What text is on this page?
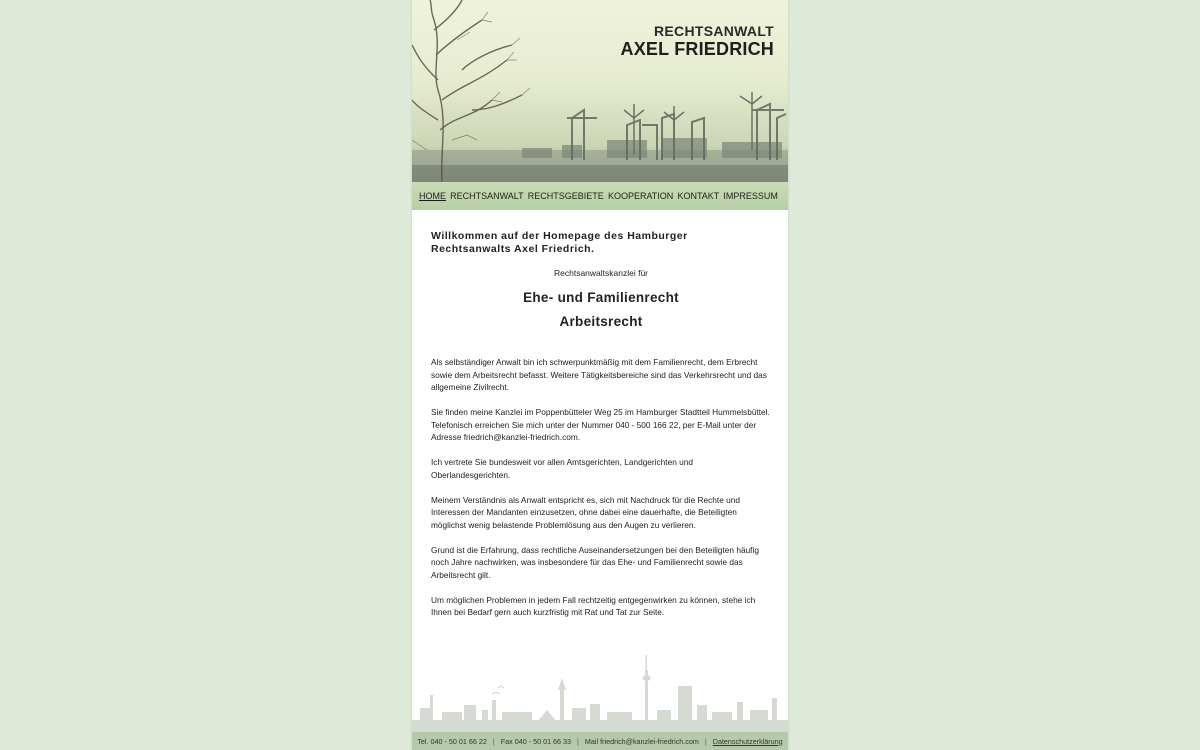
RECHTSANWALT
AXEL FRIEDRICH
HOME RECHTSANWALT RECHTSGEBIETE KOOPERATION KONTAKT IMPRESSUM

Willkommen auf der Homepage des Hamburger Rechtsanwalts Axel Friedrich.

Rechtsanwaltskanzlei für

Ehe- und Familienrecht

Arbeitsrecht

Als selbständiger Anwalt bin ich schwerpunktmäßig mit dem Familienrecht, dem Erbrecht sowie dem Arbeitsrecht befasst. Weitere Tätigkeitsbereiche sind das Verkehrsrecht und das allgemeine Zivilrecht.

Sie finden meine Kanzlei im Poppenbütteler Weg 25 im Hamburger Stadtteil Hummelsbüttel. Telefonisch erreichen Sie mich unter der Nummer 040 - 500 166 22, per E-Mail unter der Adresse friedrich@kanzlei-friedrich.com.

Ich vertrete Sie bundesweit vor allen Amtsgerichten, Landgerichten und Oberlandesgerichten.

Meinem Verständnis als Anwalt entspricht es, sich mit Nachdruck für die Rechte und Interessen der Mandanten einzusetzen, ohne dabei eine dauerhafte, die Beteiligten möglichst wenig belastende Problemlösung aus den Augen zu verlieren.

Grund ist die Erfahrung, dass rechtliche Auseinandersetzungen bei den Beteiligten häufig noch Jahre nachwirken, was insbesondere für das Ehe- und Familienrecht sowie das Arbeitsrecht gilt.

Um möglichen Problemen in jedem Fall rechtzeitig entgegenwirken zu können, stehe ich Ihnen bei Bedarf gern auch kurzfristig mit Rat und Tat zur Seite.

Tel. 040 - 50 01 66 22 | Fax 040 - 50 01 66 33 | Mail friedrich@kanzlei-friedrich.com | Datenschutzerklärung
